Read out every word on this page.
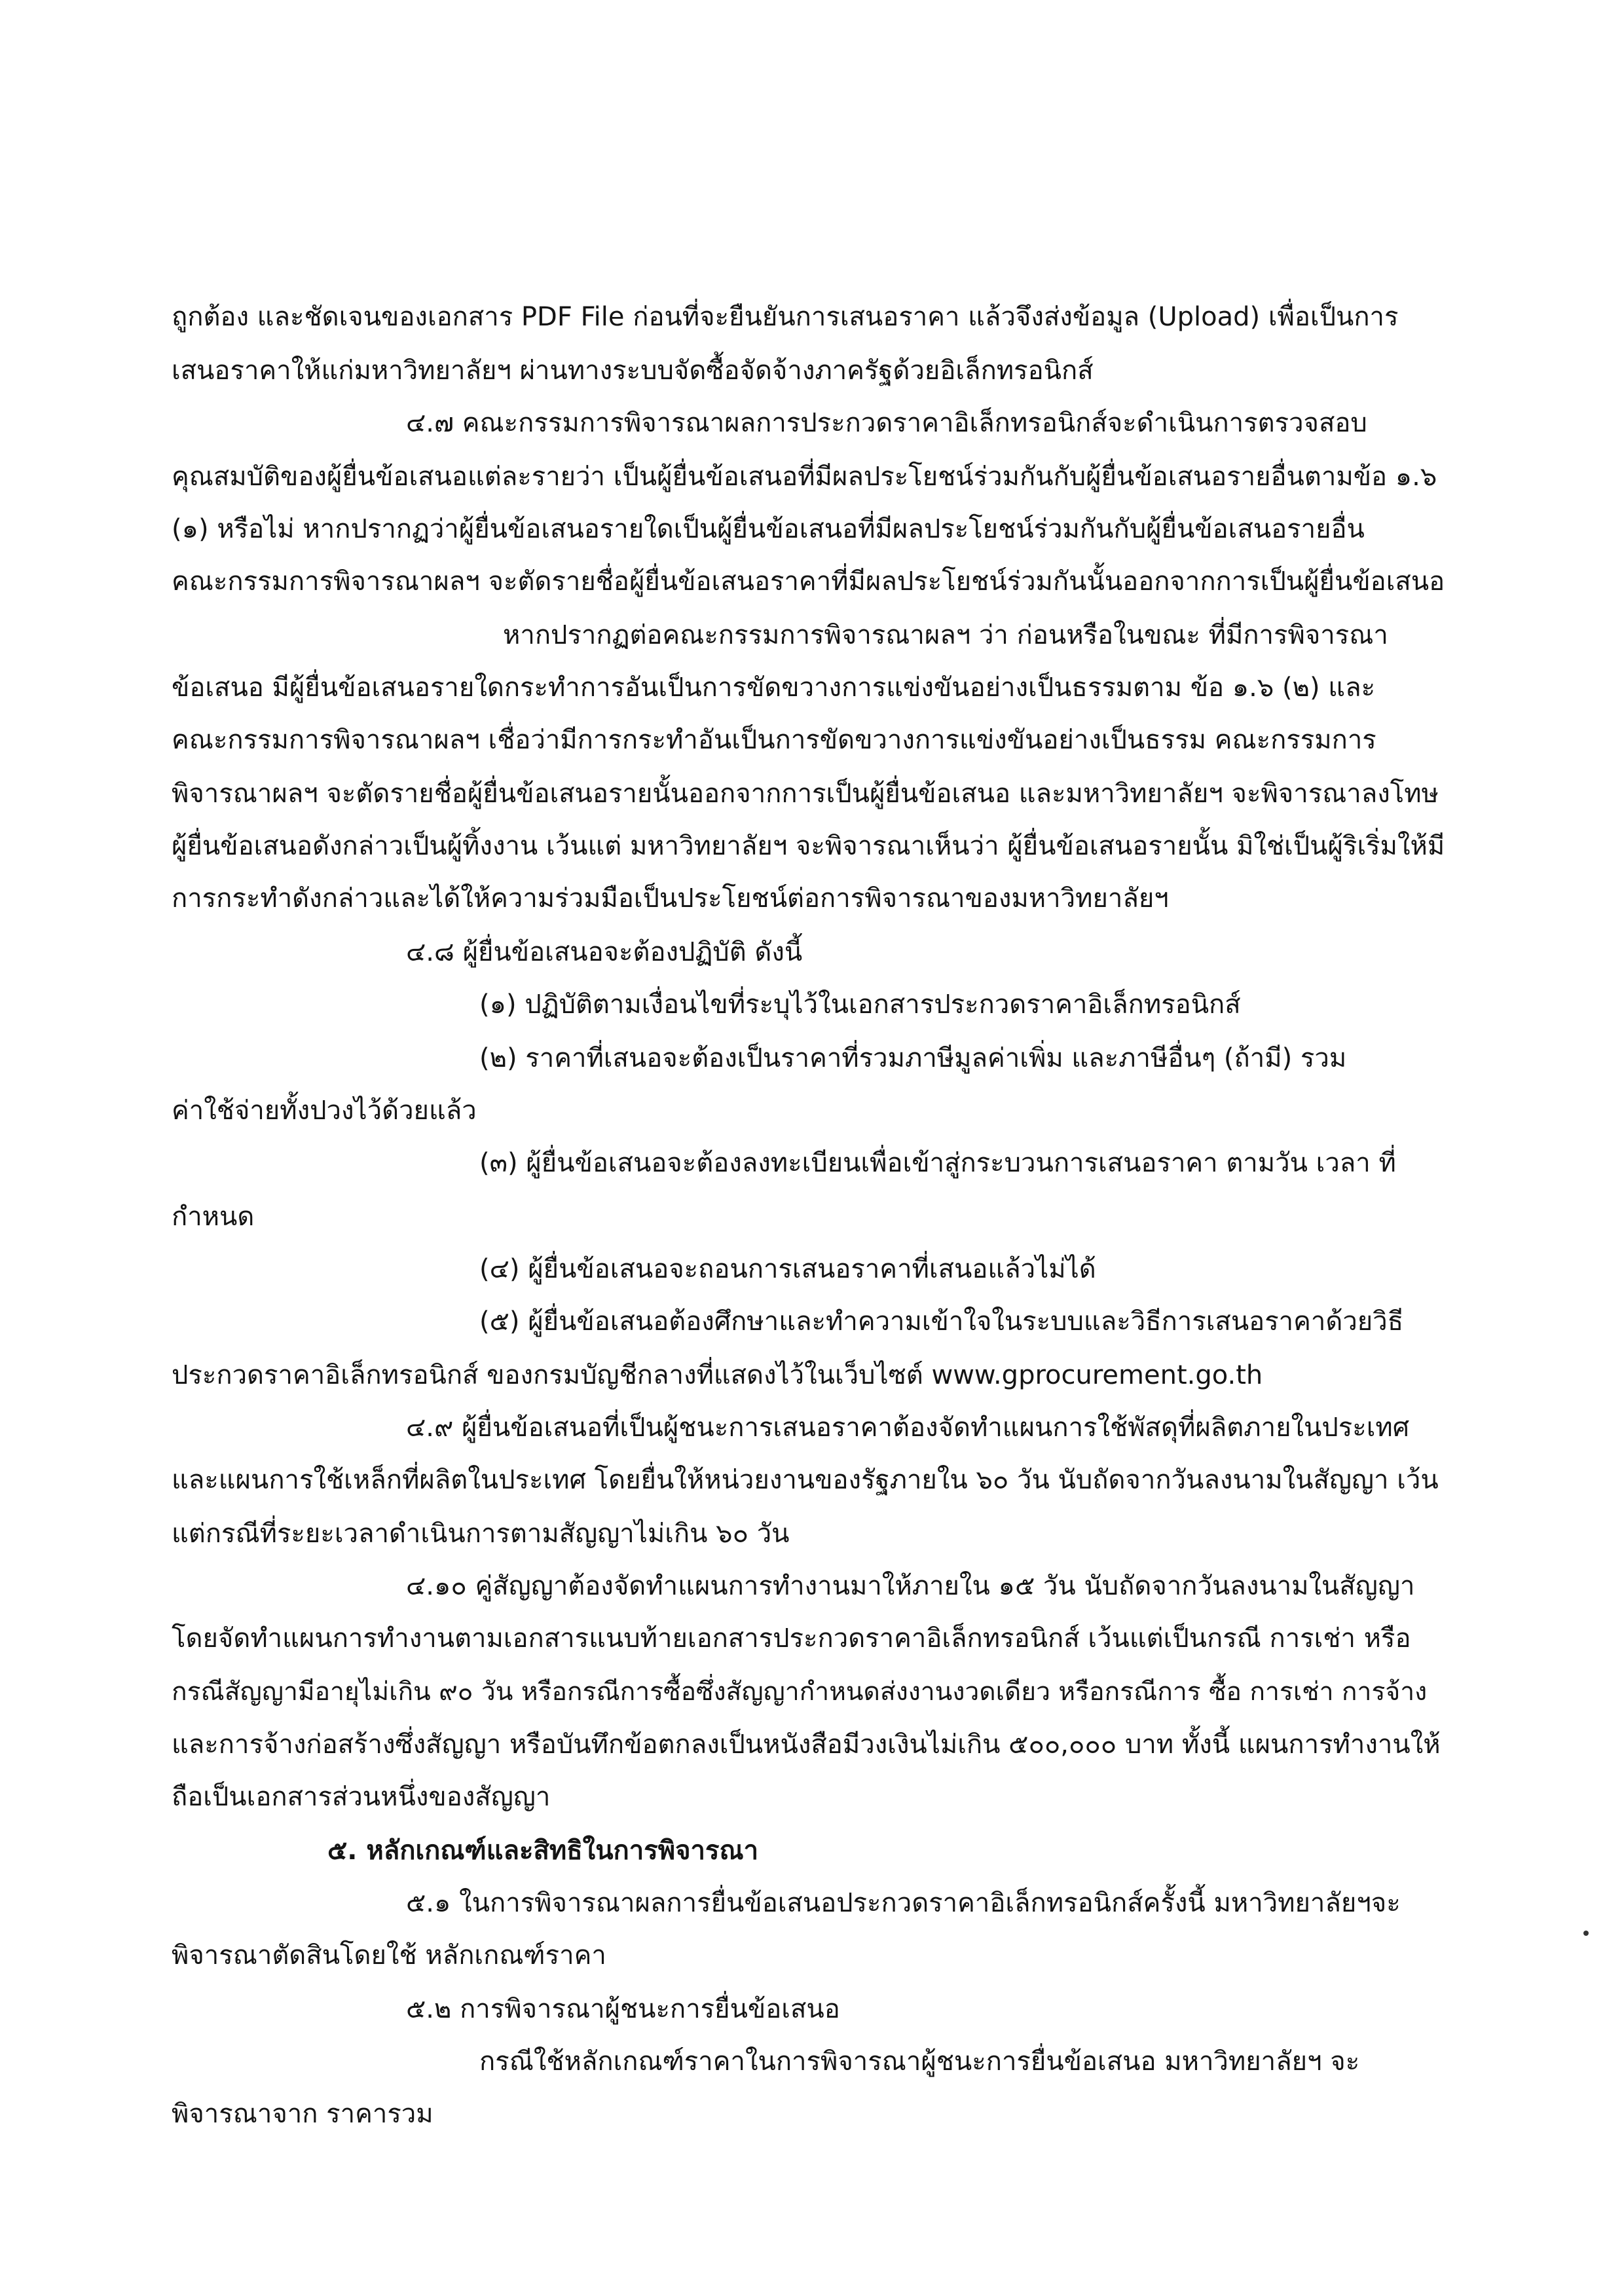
ถูกต้อง และชัดเจนของเอกสาร PDF File ก่อนที่จะยืนยันการเสนอราคา แล้วจึงส่งข้อมูล (Upload) เพื่อเป็นการ
เสนอราคาให้แก่มหาวิทยาลัยฯ ผ่านทางระบบจัดซื้อจัดจ้างภาครัฐด้วยอิเล็กทรอนิกส์
๔.๗ คณะกรรมการพิจารณาผลการประกวดราคาอิเล็กทรอนิกส์จะดำเนินการตรวจสอบ
คุณสมบัติของผู้ยื่นข้อเสนอแต่ละรายว่า เป็นผู้ยื่นข้อเสนอที่มีผลประโยชน์ร่วมกันกับผู้ยื่นข้อเสนอรายอื่นตามข้อ ๑.๖
(๑) หรือไม่ หากปรากฏว่าผู้ยื่นข้อเสนอรายใดเป็นผู้ยื่นข้อเสนอที่มีผลประโยชน์ร่วมกันกับผู้ยื่นข้อเสนอรายอื่น
คณะกรรมการพิจารณาผลฯ จะตัดรายชื่อผู้ยื่นข้อเสนอราคาที่มีผลประโยชน์ร่วมกันนั้นออกจากการเป็นผู้ยื่นข้อเสนอ
หากปรากฏต่อคณะกรรมการพิจารณาผลฯ ว่า ก่อนหรือในขณะ ที่มีการพิจารณา
ข้อเสนอ มีผู้ยื่นข้อเสนอรายใดกระทำการอันเป็นการขัดขวางการแข่งขันอย่างเป็นธรรมตาม ข้อ ๑.๖ (๒) และ
คณะกรรมการพิจารณาผลฯ เชื่อว่ามีการกระทำอันเป็นการขัดขวางการแข่งขันอย่างเป็นธรรม คณะกรรมการ
พิจารณาผลฯ จะตัดรายชื่อผู้ยื่นข้อเสนอรายนั้นออกจากการเป็นผู้ยื่นข้อเสนอ และมหาวิทยาลัยฯ จะพิจารณาลงโทษ
ผู้ยื่นข้อเสนอดังกล่าวเป็นผู้ทิ้งงาน เว้นแต่ มหาวิทยาลัยฯ จะพิจารณาเห็นว่า ผู้ยื่นข้อเสนอรายนั้น มิใช่เป็นผู้ริเริ่มให้มี
การกระทำดังกล่าวและได้ให้ความร่วมมือเป็นประโยชน์ต่อการพิจารณาของมหาวิทยาลัยฯ
๔.๘ ผู้ยื่นข้อเสนอจะต้องปฏิบัติ ดังนี้
(๑) ปฏิบัติตามเงื่อนไขที่ระบุไว้ในเอกสารประกวดราคาอิเล็กทรอนิกส์
(๒) ราคาที่เสนอจะต้องเป็นราคาที่รวมภาษีมูลค่าเพิ่ม และภาษีอื่นๆ (ถ้ามี) รวม
ค่าใช้จ่ายทั้งปวงไว้ด้วยแล้ว
(๓) ผู้ยื่นข้อเสนอจะต้องลงทะเบียนเพื่อเข้าสู่กระบวนการเสนอราคา ตามวัน เวลา ที่
กำหนด
(๔) ผู้ยื่นข้อเสนอจะถอนการเสนอราคาที่เสนอแล้วไม่ได้
(๕) ผู้ยื่นข้อเสนอต้องศึกษาและทำความเข้าใจในระบบและวิธีการเสนอราคาด้วยวิธี
ประกวดราคาอิเล็กทรอนิกส์ ของกรมบัญชีกลางที่แสดงไว้ในเว็บไซต์ www.gprocurement.go.th
๔.๙ ผู้ยื่นข้อเสนอที่เป็นผู้ชนะการเสนอราคาต้องจัดทำแผนการใช้พัสดุที่ผลิตภายในประเทศ
และแผนการใช้เหล็กที่ผลิตในประเทศ โดยยื่นให้หน่วยงานของรัฐภายใน ๖๐ วัน นับถัดจากวันลงนามในสัญญา เว้น
แต่กรณีที่ระยะเวลาดำเนินการตามสัญญาไม่เกิน ๖๐ วัน
๔.๑๐ คู่สัญญาต้องจัดทำแผนการทำงานมาให้ภายใน ๑๕ วัน นับถัดจากวันลงนามในสัญญา
โดยจัดทำแผนการทำงานตามเอกสารแนบท้ายเอกสารประกวดราคาอิเล็กทรอนิกส์ เว้นแต่เป็นกรณี การเช่า หรือ
กรณีสัญญามีอายุไม่เกิน ๙๐ วัน หรือกรณีการซื้อซึ่งสัญญากำหนดส่งงานงวดเดียว หรือกรณีการ ซื้อ การเช่า การจ้าง
และการจ้างก่อสร้างซึ่งสัญญา หรือบันทึกข้อตกลงเป็นหนังสือมีวงเงินไม่เกิน ๕๐๐,๐๐๐ บาท ทั้งนี้ แผนการทำงานให้
ถือเป็นเอกสารส่วนหนึ่งของสัญญา
๕. หลักเกณฑ์และสิทธิในการพิจารณา
๕.๑ ในการพิจารณาผลการยื่นข้อเสนอประกวดราคาอิเล็กทรอนิกส์ครั้งนี้ มหาวิทยาลัยฯจะ
พิจารณาตัดสินโดยใช้ หลักเกณฑ์ราคา
๕.๒ การพิจารณาผู้ชนะการยื่นข้อเสนอ
กรณีใช้หลักเกณฑ์ราคาในการพิจารณาผู้ชนะการยื่นข้อเสนอ มหาวิทยาลัยฯ จะ
พิจารณาจาก ราคารวม
